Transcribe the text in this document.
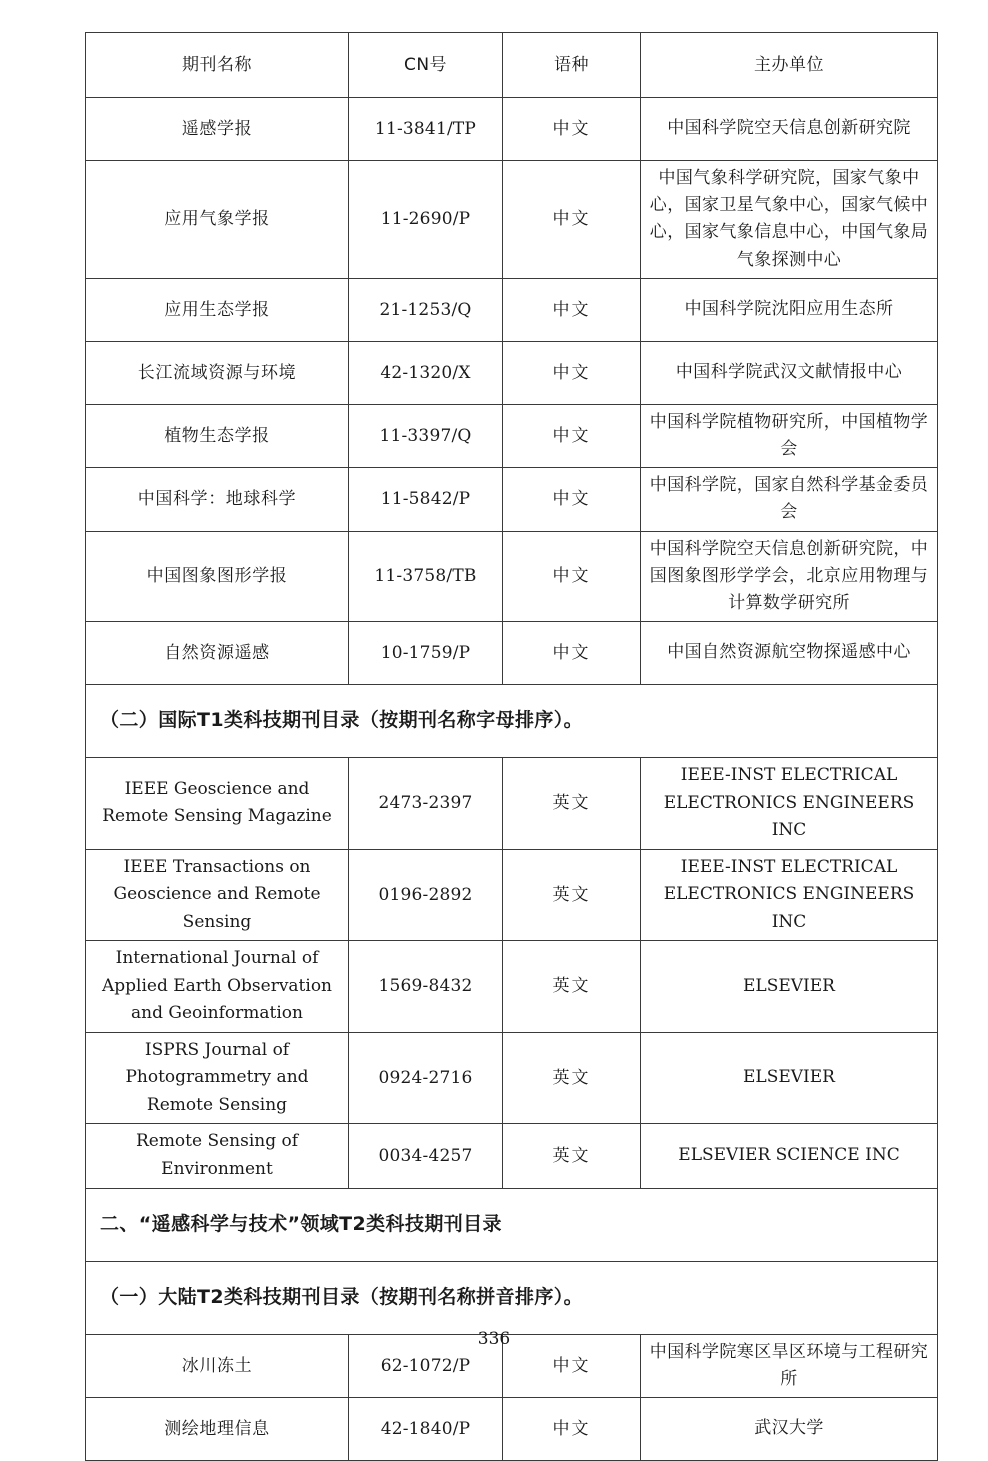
期刊名称	CN号	语种	主办单位
遥感学报	11-3841/TP	中文	中国科学院空天信息创新研究院
应用气象学报	11-2690/P	中文	中国气象科学研究院，国家气象中心，国家卫星气象中心，国家气候中心，国家气象信息中心，中国气象局气象探测中心
应用生态学报	21-1253/Q	中文	中国科学院沈阳应用生态所
长江流域资源与环境	42-1320/X	中文	中国科学院武汉文献情报中心
植物生态学报	11-3397/Q	中文	中国科学院植物研究所，中国植物学会
中国科学：地球科学	11-5842/P	中文	中国科学院，国家自然科学基金委员会
中国图象图形学报	11-3758/TB	中文	中国科学院空天信息创新研究院，中国图象图形学学会，北京应用物理与计算数学研究所
自然资源遥感	10-1759/P	中文	中国自然资源航空物探遥感中心
（二）国际T1类科技期刊目录（按期刊名称字母排序）。			
IEEE Geoscience and Remote Sensing Magazine	2473-2397	英文	IEEE-INST ELECTRICAL ELECTRONICS ENGINEERS INC
IEEE Transactions on Geoscience and Remote Sensing	0196-2892	英文	IEEE-INST ELECTRICAL ELECTRONICS ENGINEERS INC
International Journal of Applied Earth Observation and Geoinformation	1569-8432	英文	ELSEVIER
ISPRS Journal of Photogrammetry and Remote Sensing	0924-2716	英文	ELSEVIER
Remote Sensing of Environment	0034-4257	英文	ELSEVIER SCIENCE INC
二、“遥感科学与技术”领域T2类科技期刊目录			
（一）大陆T2类科技期刊目录（按期刊名称拼音排序）。			
冰川冻土	62-1072/P	中文	中国科学院寒区旱区环境与工程研究所
测绘地理信息	42-1840/P	中文	武汉大学
336
